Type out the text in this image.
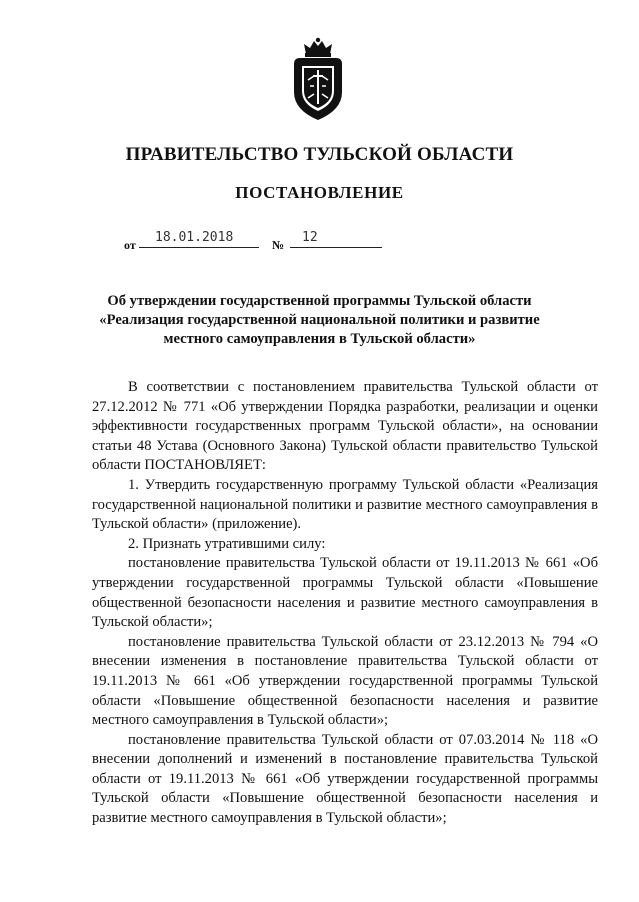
ПРАВИТЕЛЬСТВО ТУЛЬСКОЙ ОБЛАСТИ
ПОСТАНОВЛЕНИЕ
от	18.01.2018	№	12
Об утверждении государственной программы Тульской области
«Реализация государственной национальной политики и развитие
местного самоуправления в Тульской области»

В соответствии с постановлением правительства Тульской области от 27.12.2012 № 771 «Об утверждении Порядка разработки, реализации и оценки эффективности государственных программ Тульской области», на основании статьи 48 Устава (Основного Закона) Тульской области правительство Тульской области ПОСТАНОВЛЯЕТ:

1. Утвердить государственную программу Тульской области «Реализация государственной национальной политики и развитие местного самоуправления в Тульской области» (приложение).

2. Признать утратившими силу:

постановление правительства Тульской области от 19.11.2013 № 661 «Об утверждении государственной программы Тульской области «Повышение общественной безопасности населения и развитие местного самоуправления в Тульской области»;

постановление правительства Тульской области от 23.12.2013 № 794 «О внесении изменения в постановление правительства Тульской области от 19.11.2013 № 661 «Об утверждении государственной программы Тульской области «Повышение общественной безопасности населения и развитие местного самоуправления в Тульской области»;

постановление правительства Тульской области от 07.03.2014 № 118 «О внесении дополнений и изменений в постановление правительства Тульской области от 19.11.2013 № 661 «Об утверждении государственной программы Тульской области «Повышение общественной безопасности населения и развитие местного самоуправления в Тульской области»;
